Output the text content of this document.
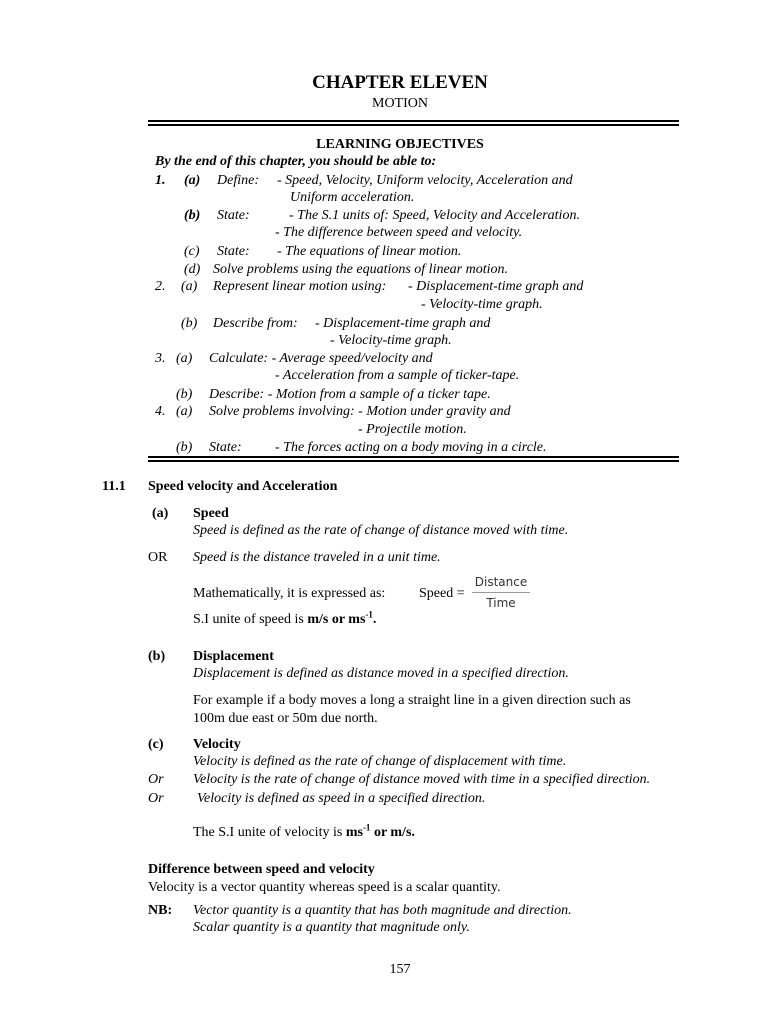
CHAPTER ELEVEN
MOTION
LEARNING OBJECTIVES
By the end of this chapter, you should be able to:
1. (a) Define: - Speed, Velocity, Uniform velocity, Acceleration and
Uniform acceleration.
(b) State:	- The S.1 units of: Speed, Velocity and Acceleration.
- The difference between speed and velocity.
(c) State: - The equations of linear motion.
(d) Solve problems using the equations of linear motion.
2. (a) Represent linear motion using: - Displacement-time graph and
- Velocity-time graph.
(b) Describe from: - Displacement-time graph and
- Velocity-time graph.
3. (a) Calculate: - Average speed/velocity and
- Acceleration from a sample of ticker-tape.
(b) Describe: - Motion from a sample of a ticker tape.
4. (a) Solve problems involving: - Motion under gravity and
- Projectile motion.
(b) State: - The forces acting on a body moving in a circle.
11.1 Speed velocity and Acceleration
(a) Speed
Speed is defined as the rate of change of distance moved with time.
OR Speed is the distance traveled in a unit time.
Mathematically, it is expressed as: Speed =
Distance
Time
S.I unite of speed is m/s or $ms^{-1}$.
(b) Displacement
Displacement is defined as distance moved in a specified direction.
For example if a body moves a long a straight line in a given direction such as
100m due east or 50m due north.
(c) Velocity
Velocity is defined as the rate of change of displacement with time.
Or Velocity is the rate of change of distance moved with time in a specified direction.
Or Velocity is defined as speed in a specified direction.
The S.I unite of velocity is $ms^{-1}$ or m/s.
Difference between speed and velocity
Velocity is a vector quantity whereas speed is a scalar quantity.
NB: Vector quantity is a quantity that has both magnitude and direction.
Scalar quantity is a quantity that magnitude only.
157
